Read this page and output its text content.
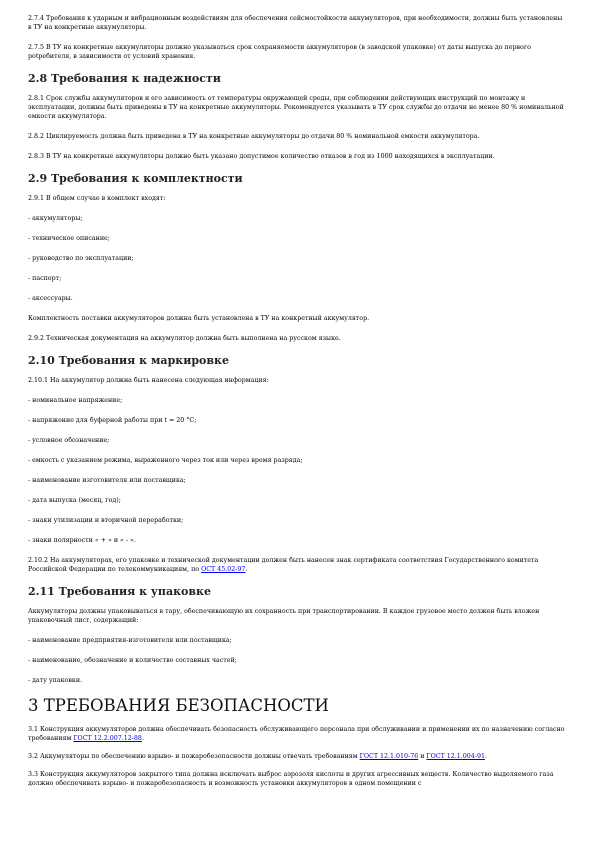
2.7.4 Требования к ударным и вибрационным воздействиям для обеспечения сейсмостойкости аккумуляторов, при необходимости, должны быть установлены в ТУ на конкретные аккумуляторы.

2.7.5 В ТУ на конкретные аккумуляторы должно указываться срок сохраняемости аккумуляторов (в заводской упаковке) от даты выпуска до первого potребителя, в зависимости от условий хранения.

2.8 Требования к надежности

2.8.1 Срок службы аккумуляторов и его зависимость от температуры окружающей среды, при соблюдении действующих инструкций по монтажу и эксплуатации, должны быть приведены в ТУ на конкретные аккумуляторы. Рекомендуется указывать в ТУ срок службы до отдачи не менее 80 % номинальной емкости аккумулятора.

2.8.2 Циклируемость должна быть приведена в ТУ на конкретные аккумуляторы до отдачи 80 % номинальной емкости аккумулятора.

2.8.3 В ТУ на конкретные аккумуляторы должно быть указано допустимое количество отказов в год из 1000 находящихся в эксплуатации.

2.9 Требования к комплектности

2.9.1 В общем случае в комплект входят:

- аккумуляторы;

- техническое описание;

- руководство по эксплуатации;

- паспорт;

- аксессуары.

Комплектность поставки аккумуляторов должна быть установлена в ТУ на конкретный аккумулятор.

2.9.2 Техническая документация на аккумулятор должна быть выполнена на русском языке.

2.10 Требования к маркировке

2.10.1 На аккумулятор должна быть нанесена следующая информация:

- номинальное напряжение;

- напряжение для буферной работы при t = 20 °С;

- условное обозначение;

- емкость с указанием режима, выраженного через ток или через время разряда;

- наименование изготовителя или поставщика;

- дата выпуска (месяц, год);

- знаки утилизации и вторичной переработки;

- знаки полярности « + » и « - ».

2.10.2 На аккумуляторах, его упаковке и технической документации должен быть нанесен знак сертификата соответствия Государственного комитета Российской Федерации по телекоммуникациям, по ОСТ 45.02-97.

2.11 Требования к упаковке

Аккумуляторы должны упаковываться в тару, обеспечивающую их сохранность при транспортировании. В каждое грузовое место должен быть вложен упаковочный лист, содержащий:

- наименование предприятия-изготовителя или поставщика;

- наименование, обозначение и количество составных частей;

- дату упаковки.

3 ТРЕБОВАНИЯ БЕЗОПАСНОСТИ

3.1 Конструкция аккумуляторов должна обеспечивать безопасность обслуживающего персонала при обслуживании и применении их по назначению согласно требованиям ГОСТ 12.2.007.12-88.

3.2 Аккумуляторы по обеспечению взрыво- и пожаробезопасности должны отвечать требованиям ГОСТ 12.1.010-76 и ГОСТ 12.1.004-91.

3.3 Конструкция аккумуляторов закрытого типа должна исключать выброс аэрозоля кислоты и других агрессивных веществ. Количество выделяемого газа должно обеспечивать взрыво- и пожаробезопасность и возможность установки аккумуляторов в одном помещении с
